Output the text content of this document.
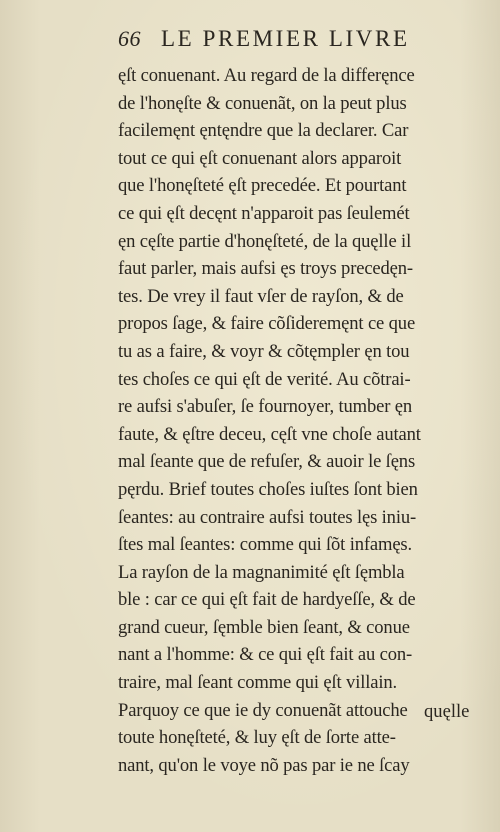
66 LE PREMIER LIVRE
ęſt conuenant. Au regard de la differęnce
de l'honęſte & conuenãt, on la peut plus
facilemęnt ęntęndre que la declarer. Car
tout ce qui ęſt conuenant alors apparoit
que l'honęſteté ęſt precedée. Et pourtant
ce qui ęſt decęnt n'apparoit pas ſeulemét
ęn cęſte partie d'honęſteté, de la quęlle il
faut parler, mais aufsi ęs troys precedęn-
tes. De vrey il faut vſer de rayſon, & de
propos ſage, & faire cõſideremęnt ce que
tu as a faire, & voyr & cõtęmpler ęn tou
tes choſes ce qui ęſt de verité. Au cõtrai-
re aufsi s'abuſer, ſe fournoyer, tumber ęn
faute, & ęſtre deceu, cęſt vne choſe autant
mal ſeante que de refuſer, & auoir le ſęns
pęrdu. Brief toutes choſes iuſtes ſont bien
ſeantes: au contraire aufsi toutes lęs iniu-
ſtes mal ſeantes: comme qui ſõt infamęs.
La rayſon de la magnanimité ęſt ſęmbla
ble : car ce qui ęſt fait de hardyeſſe, & de
grand cueur, ſęmble bien ſeant, & conue
nant a l'homme: & ce qui ęſt fait au con-
traire, mal ſeant comme qui ęſt villain.
Parquoy ce que ie dy conuenãt attouche
toute honęſteté, & luy ęſt de ſorte atte-
nant, qu'on le voye nõ pas par ie ne ſcay
quęlle
